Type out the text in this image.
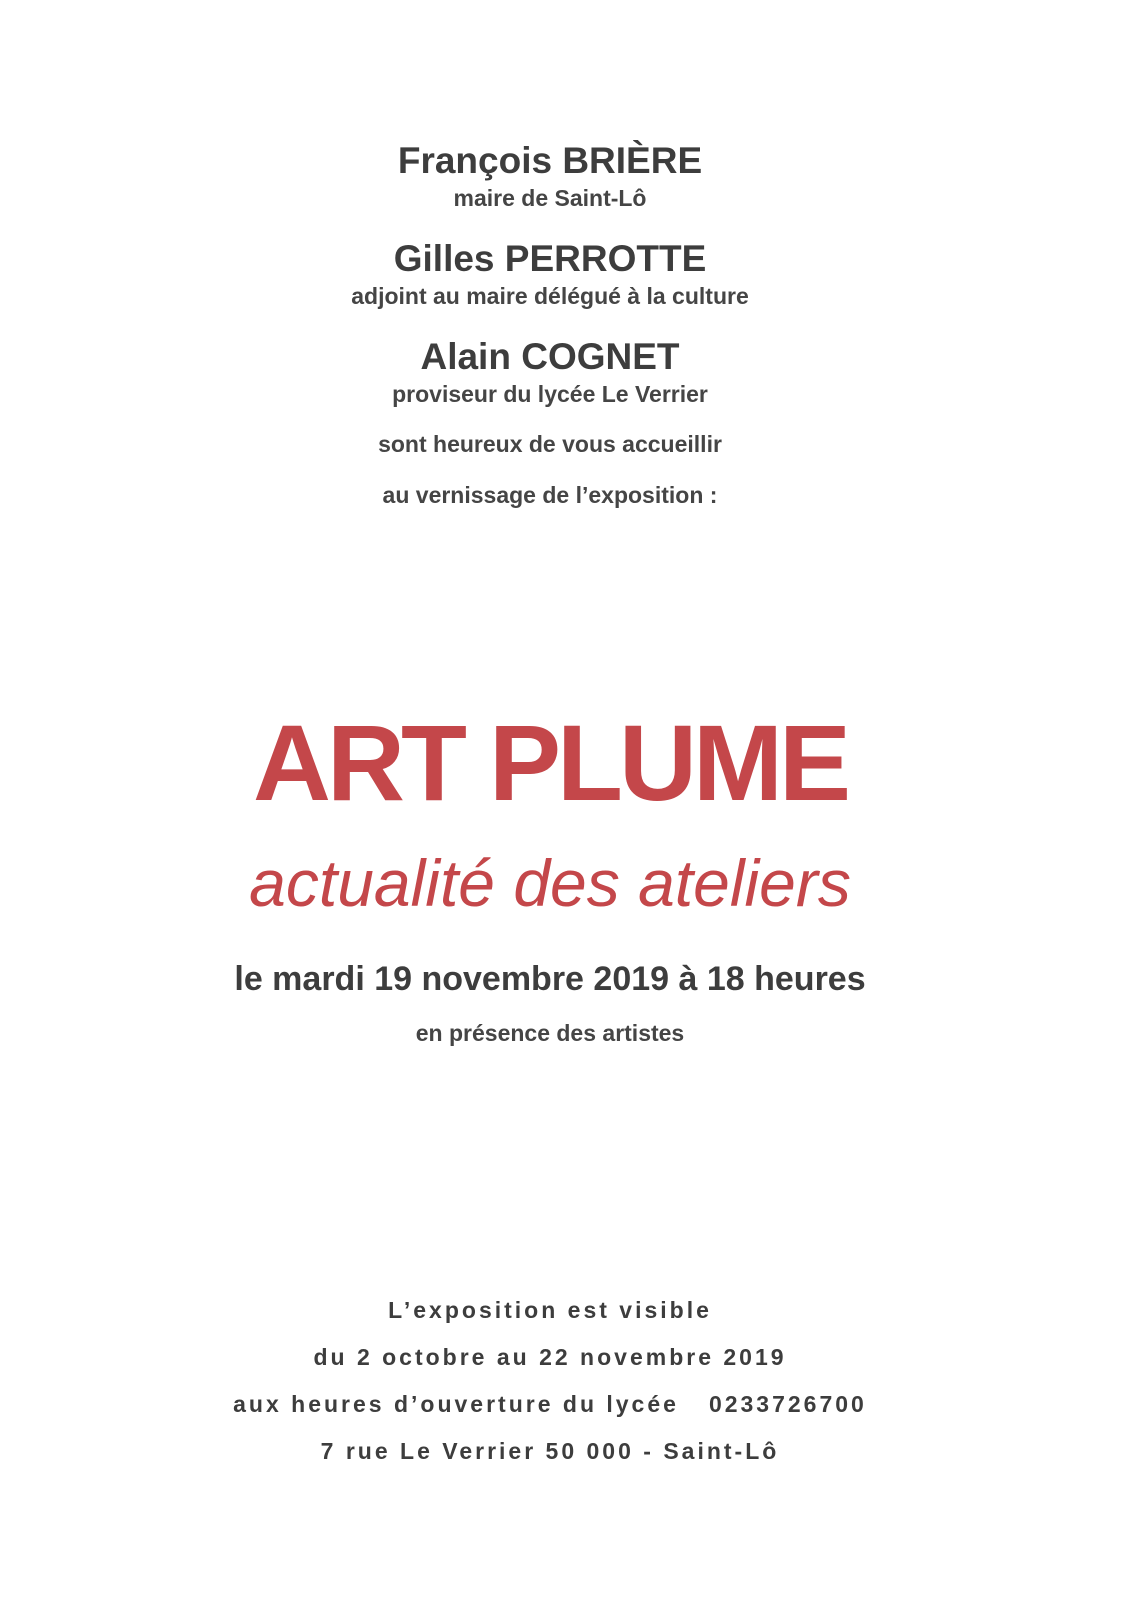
François BRIÈRE
maire de Saint-Lô
Gilles PERROTTE
adjoint au maire délégué à la culture
Alain COGNET
proviseur du lycée Le Verrier
sont heureux de vous accueillir
au vernissage de l’exposition :
ART PLUME
actualité des ateliers
le mardi 19 novembre 2019 à 18 heures
en présence des artistes
L’exposition est visible
du 2 octobre au 22 novembre 2019
aux heures d’ouverture du lycée 0233726700
7 rue Le Verrier 50 000 - Saint-Lô
